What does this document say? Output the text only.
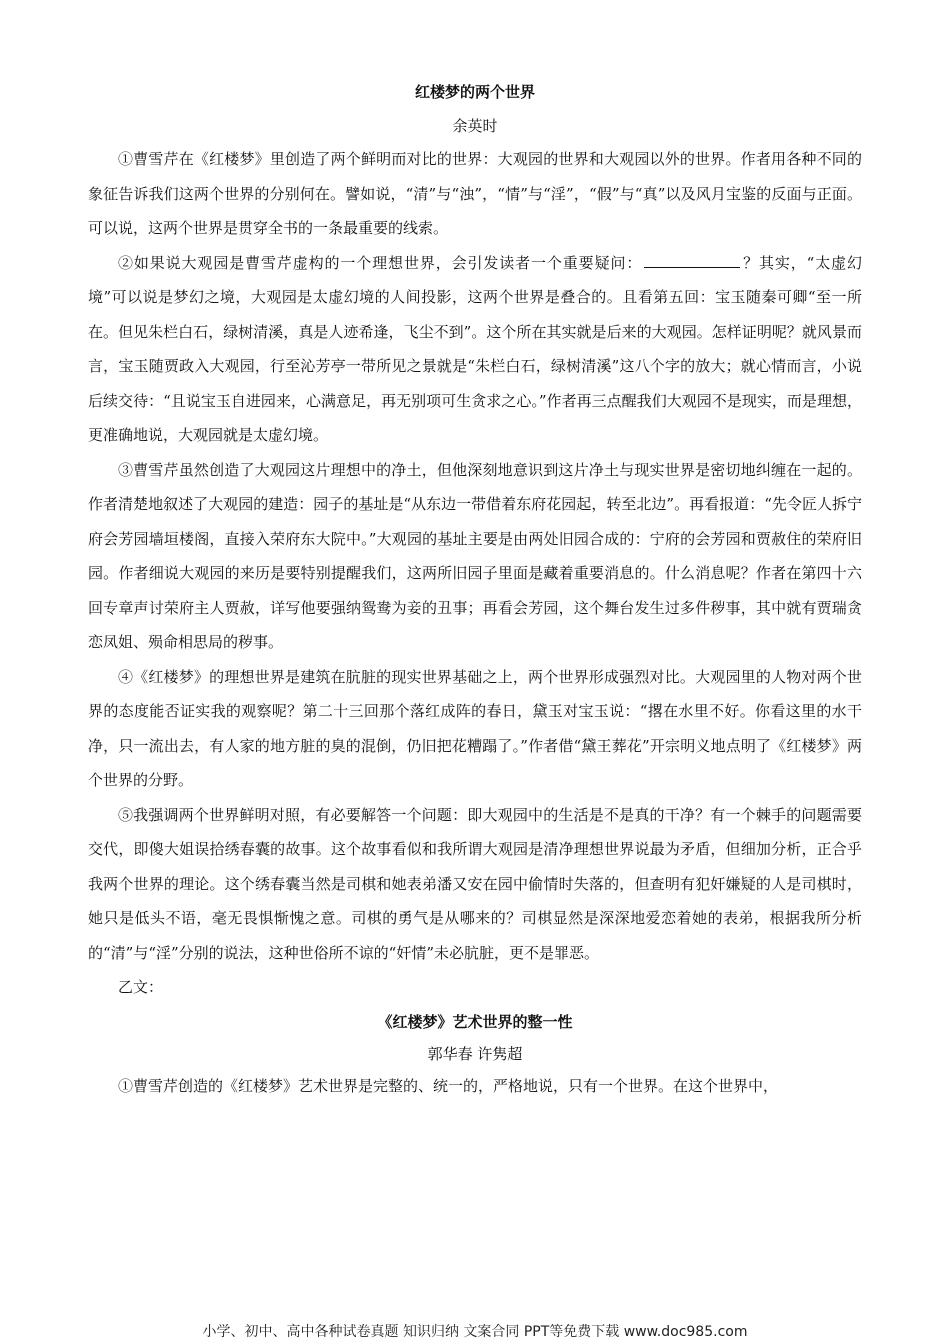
红楼梦的两个世界
余英时

①曹雪芹在《红楼梦》里创造了两个鲜明而对比的世界：大观园的世界和大观园以外的世界。作者用各种不同的象征告诉我们这两个世界的分别何在。譬如说，“清”与“浊”，“情”与“淫”，“假”与“真”以及风月宝鉴的反面与正面。可以说，这两个世界是贯穿全书的一条最重要的线索。

②如果说大观园是曹雪芹虚构的一个理想世界，会引发读者一个重要疑问：	？其实，“太虚幻境”可以说是梦幻之境，大观园是太虚幻境的人间投影，这两个世界是叠合的。且看第五回：宝玉随秦可卿“至一所在。但见朱栏白石，绿树清溪，真是人迹希逢，飞尘不到”。这个所在其实就是后来的大观园。怎样证明呢？就风景而言，宝玉随贾政入大观园，行至沁芳亭一带所见之景就是“朱栏白石，绿树清溪”这八个字的放大；就心情而言，小说后续交待：“且说宝玉自进园来，心满意足，再无别项可生贪求之心。”作者再三点醒我们大观园不是现实，而是理想，更准确地说，大观园就是太虚幻境。

③曹雪芹虽然创造了大观园这片理想中的净土，但他深刻地意识到这片净土与现实世界是密切地纠缠在一起的。作者清楚地叙述了大观园的建造：园子的基址是“从东边一带借着东府花园起，转至北边”。再看报道：“先令匠人拆宁府会芳园墙垣楼阁，直接入荣府东大院中。”大观园的基址主要是由两处旧园合成的：宁府的会芳园和贾赦住的荣府旧园。作者细说大观园的来历是要特别提醒我们，这两所旧园子里面是藏着重要消息的。什么消息呢？作者在第四十六回专章声讨荣府主人贾赦，详写他要强纳鸳鸯为妾的丑事；再看会芳园，这个舞台发生过多件秽事，其中就有贾瑞贪恋凤姐、殒命相思局的秽事。

④《红楼梦》的理想世界是建筑在肮脏的现实世界基础之上，两个世界形成强烈对比。大观园里的人物对两个世界的态度能否证实我的观察呢？第二十三回那个落红成阵的春日，黛玉对宝玉说：“撂在水里不好。你看这里的水干净，只一流出去，有人家的地方脏的臭的混倒，仍旧把花糟蹋了。”作者借“黛王葬花”开宗明义地点明了《红楼梦》两个世界的分野。

⑤我强调两个世界鲜明对照，有必要解答一个问题：即大观园中的生活是不是真的干净？有一个棘手的问题需要交代，即傻大姐误拾绣春囊的故事。这个故事看似和我所谓大观园是清净理想世界说最为矛盾，但细加分析，正合乎我两个世界的理论。这个绣春囊当然是司棋和她表弟潘又安在园中偷情时失落的，但查明有犯奸嫌疑的人是司棋时，她只是低头不语，毫无畏惧惭愧之意。司棋的勇气是从哪来的？司棋显然是深深地爱恋着她的表弟，根据我所分析的“清”与“淫”分别的说法，这种世俗所不谅的“奸情”未必肮脏，更不是罪恶。

乙文：

《红楼梦》艺术世界的整一性
郭华春 许隽超

①曹雪芹创造的《红楼梦》艺术世界是完整的、统一的，严格地说，只有一个世界。在这个世界中，

小学、初中、高中各种试卷真题 知识归纳 文案合同 PPT等免费下载 www.doc985.com
